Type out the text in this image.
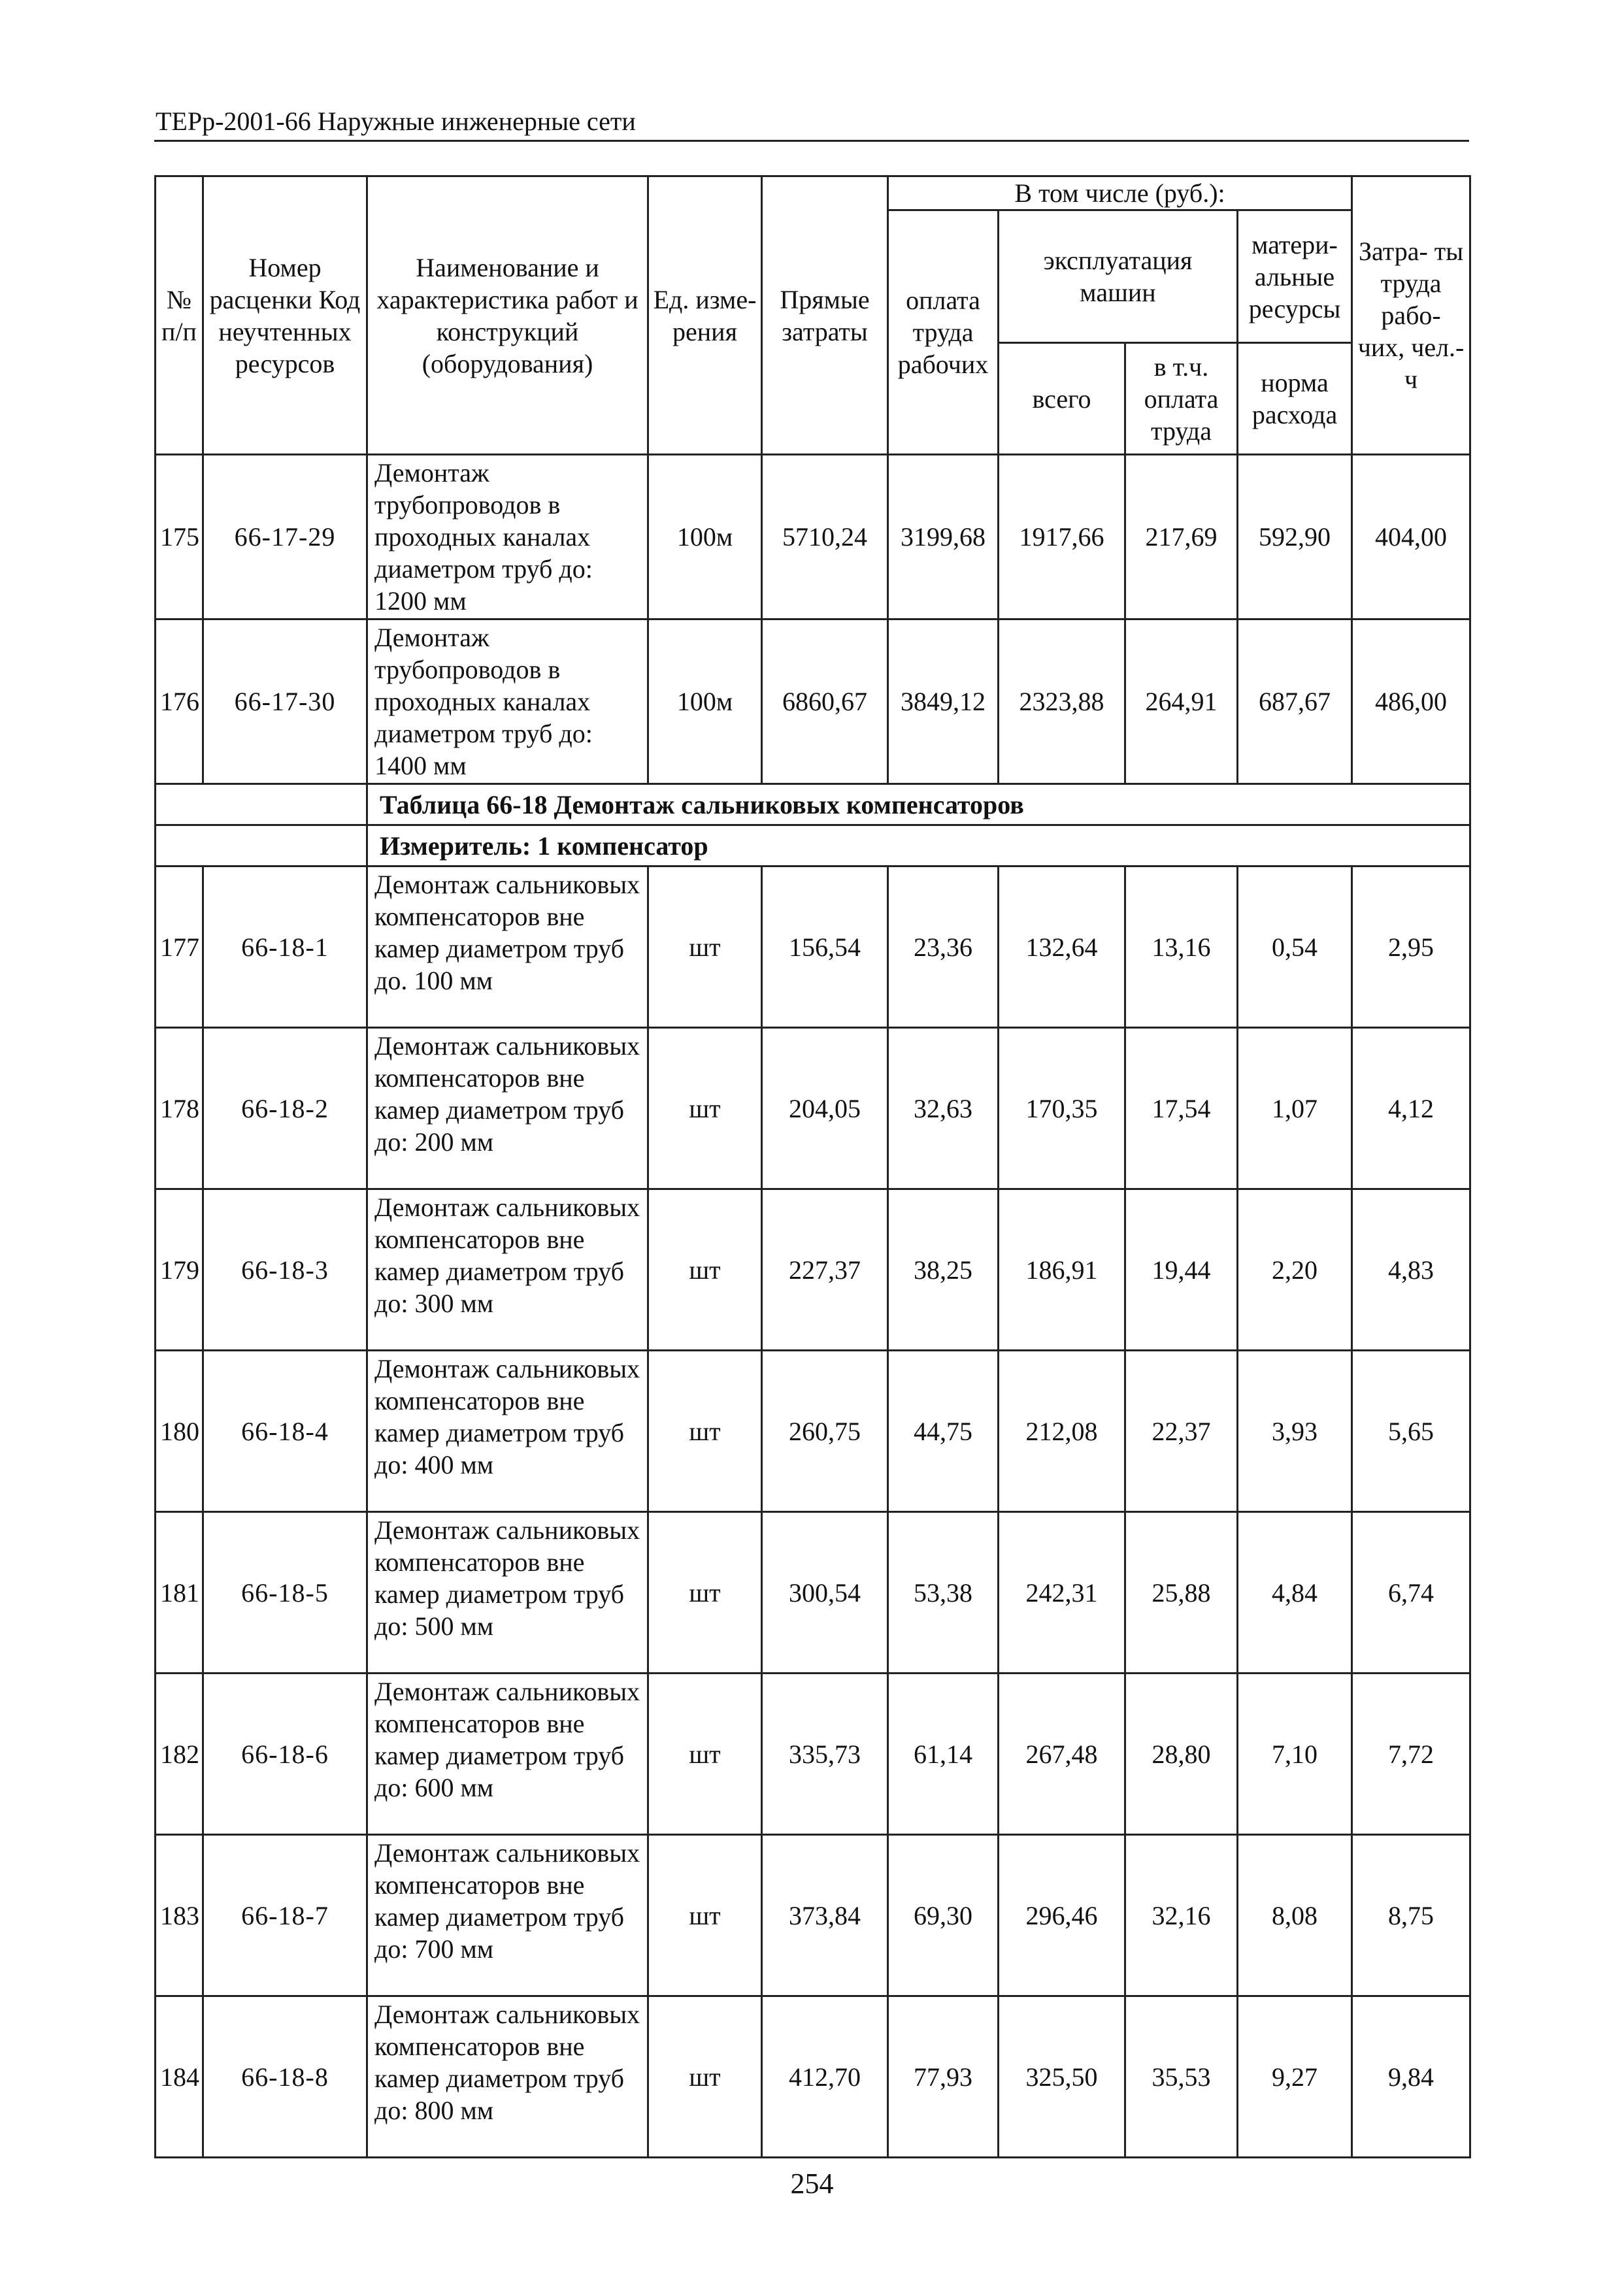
ТЕРр-2001-66 Наружные инженерные сети
№ п/п	Номер расценки Код неучтенных ресурсов	Наименование и характеристика работ и конструкций (оборудования)	Ед. изме- рения	Прямые затраты	В том числе (руб.):				Затра- ты труда рабо- чих, чел.-ч
					оплата труда рабочих	эксплуатация машин		матери- альные ресурсы	
						всего	в т.ч. оплата труда	норма расхода	
175	66-17-29	Демонтаж трубопроводов в проходных каналах диаметром труб до: 1200 мм	100м	5710,24	3199,68	1917,66	217,69	592,90	404,00
176	66-17-30	Демонтаж трубопроводов в проходных каналах диаметром труб до: 1400 мм	100м	6860,67	3849,12	2323,88	264,91	687,67	486,00
		Таблица 66-18 Демонтаж сальниковых компенсаторов							
		Измеритель: 1 компенсатор							
177	66-18-1	Демонтаж сальниковых компенсаторов вне камер диаметром труб до. 100 мм	шт	156,54	23,36	132,64	13,16	0,54	2,95
178	66-18-2	Демонтаж сальниковых компенсаторов вне камер диаметром труб до: 200 мм	шт	204,05	32,63	170,35	17,54	1,07	4,12
179	66-18-3	Демонтаж сальниковых компенсаторов вне камер диаметром труб до: 300 мм	шт	227,37	38,25	186,91	19,44	2,20	4,83
180	66-18-4	Демонтаж сальниковых компенсаторов вне камер диаметром труб до: 400 мм	шт	260,75	44,75	212,08	22,37	3,93	5,65
181	66-18-5	Демонтаж сальниковых компенсаторов вне камер диаметром труб до: 500 мм	шт	300,54	53,38	242,31	25,88	4,84	6,74
182	66-18-6	Демонтаж сальниковых компенсаторов вне камер диаметром труб до: 600 мм	шт	335,73	61,14	267,48	28,80	7,10	7,72
183	66-18-7	Демонтаж сальниковых компенсаторов вне камер диаметром труб до: 700 мм	шт	373,84	69,30	296,46	32,16	8,08	8,75
184	66-18-8	Демонтаж сальниковых компенсаторов вне камер диаметром труб до: 800 мм	шт	412,70	77,93	325,50	35,53	9,27	9,84
254
